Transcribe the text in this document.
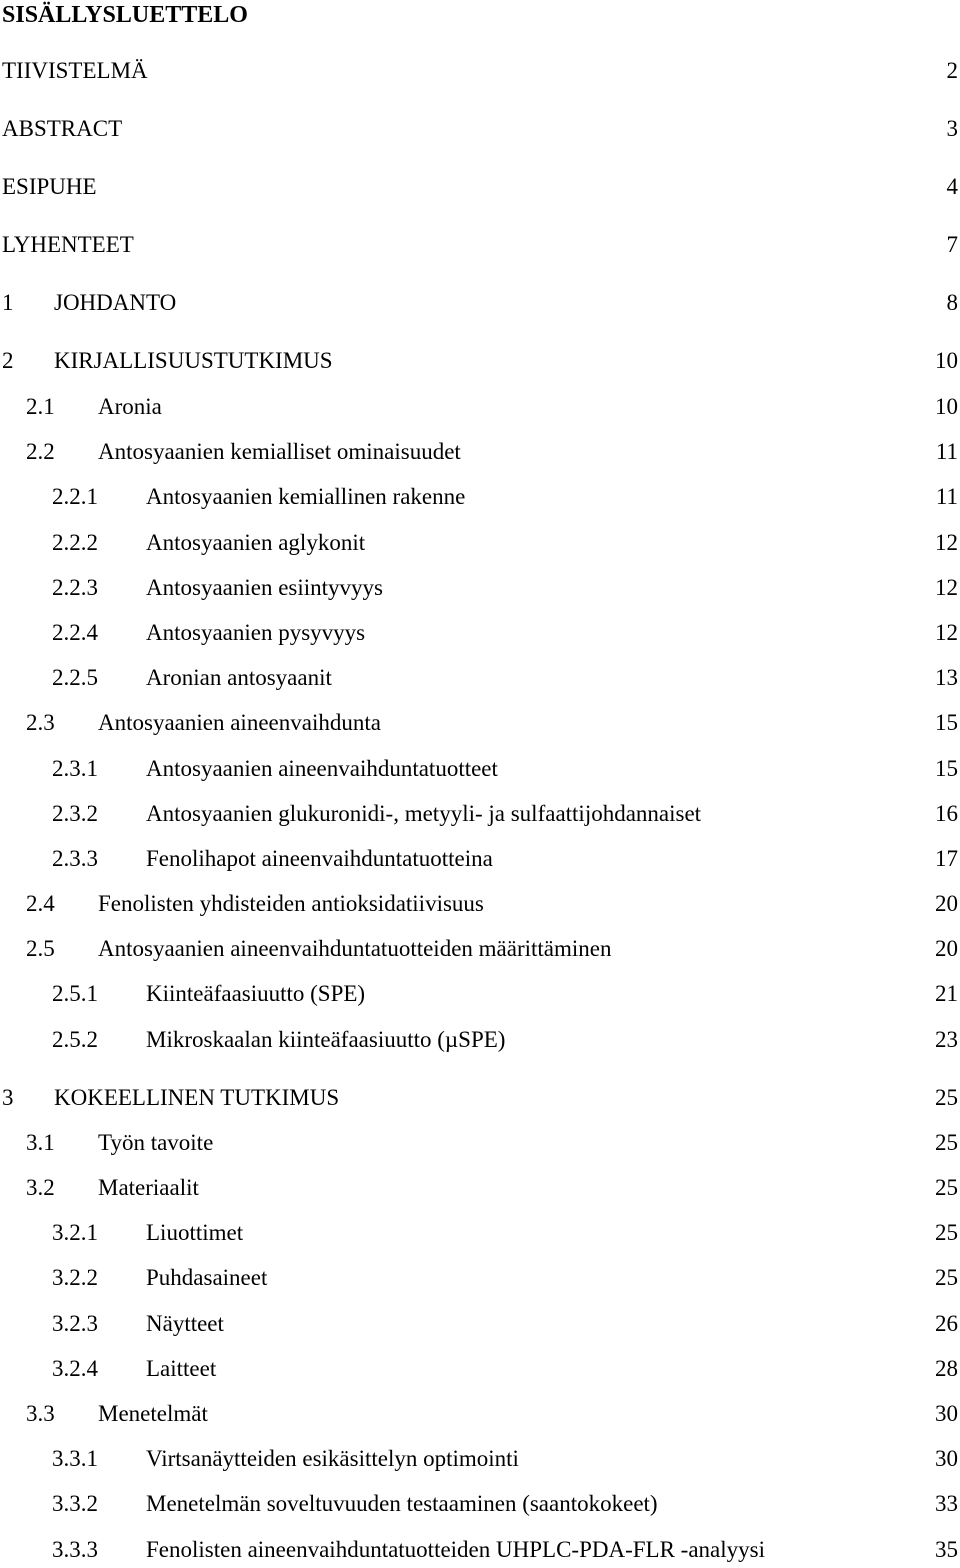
SISÄLLYSLUETTELO
TIIVISTELMÄ	2
ABSTRACT	3
ESIPUHE	4
LYHENTEET	7
1 JOHDANTO	8
2 KIRJALLISUUSTUTKIMUS	10
2.1 Aronia	10
2.2 Antosyaanien kemialliset ominaisuudet	11
2.2.1 Antosyaanien kemiallinen rakenne	11
2.2.2 Antosyaanien aglykonit	12
2.2.3 Antosyaanien esiintyvyys	12
2.2.4 Antosyaanien pysyvyys	12
2.2.5 Aronian antosyaanit	13
2.3 Antosyaanien aineenvaihdunta	15
2.3.1 Antosyaanien aineenvaihduntatuotteet	15
2.3.2 Antosyaanien glukuronidi-, metyyli- ja sulfaattijohdannaiset	16
2.3.3 Fenolihapot aineenvaihduntatuotteina	17
2.4 Fenolisten yhdisteiden antioksidatiivisuus	20
2.5 Antosyaanien aineenvaihduntatuotteiden määrittäminen	20
2.5.1 Kiinteäfaasiuutto (SPE)	21
2.5.2 Mikroskaalan kiinteäfaasiuutto (µSPE)	23
3 KOKEELLINEN TUTKIMUS	25
3.1 Työn tavoite	25
3.2 Materiaalit	25
3.2.1 Liuottimet	25
3.2.2 Puhdasaineet	25
3.2.3 Näytteet	26
3.2.4 Laitteet	28
3.3 Menetelmät	30
3.3.1 Virtsanäytteiden esikäsittelyn optimointi	30
3.3.2 Menetelmän soveltuvuuden testaaminen (saantokokeet)	33
3.3.3 Fenolisten aineenvaihduntatuotteiden UHPLC-PDA-FLR -analyysi	35
